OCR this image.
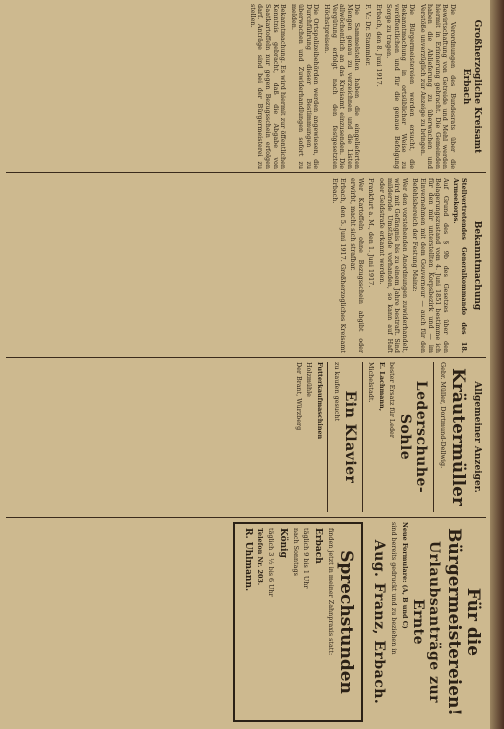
Großherzogliche Kreisamt Erbach

Die Verordnungen des Bundesrats über die Bewirtschaftung von Getreide und Mehl werden hiermit in Erinnerung gebracht. Die Gemeinden haben die Ablieferung zu überwachen und Verstöße unverzüglich zur Anzeige zu bringen.

Die Bürgermeistereien werden ersucht, die Bekanntmachung in ortsüblicher Weise zu veröffentlichen und für die genaue Befolgung Sorge zu tragen.

Erbach, den 8. Juni 1917.

F. V.: Dr. Stammler.

Die Sammelstellen haben die eingelieferten Mengen genau zu verzeichnen und die Listen allwöchentlich an das Kreisamt einzusenden. Die Vergütung erfolgt nach den festgesetzten Höchstpreisen.

Die Ortspolizeibehörden werden angewiesen, die Durchführung dieser Bestimmungen zu überwachen und Zuwiderhandlungen sofort zu melden.

Bekanntmachung. Es wird hiermit zur öffentlichen Kenntnis gebracht, daß die Abgabe von Saatkartoffeln nur gegen Bezugsschein erfolgen darf. Anträge sind bei der Bürgermeisterei zu stellen.

Bekanntmachung

Stellvertretendes Generalkommando des 18. Armeekorps.

Auf Grund des § 9b des Gesetzes über den Belagerungszustand vom 4. Juni 1851 bestimme ich für den mir unterstellten Korpsbezirk und — im Einvernehmen mit dem Gouverneur — auch für den Befehlsbereich der Festung Mainz:

Wer den vorstehenden Anordnungen zuwiderhandelt, wird mit Gefängnis bis zu einem Jahre bestraft. Sind mildernde Umstände vorhanden, so kann auf Haft oder Geldstrafe erkannt werden.

Frankfurt a. M., den 1. Juni 1917.

Wer Kartoffeln ohne Bezugsschein abgibt oder erwirbt, macht sich strafbar.

Erbach, den 5. Juni 1917. Großherzogliches Kreisamt Erbach.

Allgemeiner Anzeiger.
Kräutermüller

Gebr. Müller, Dortmund-Dellwig.

Lederschuhe-Sohle

bester Ersatz für Leder

E. Lachmann,

Michelstadt.

Ein Klavier

zu kaufen gesucht

Futterkaufmaschinen

Holzmühle

Der Brant, Würzberg

Für die Bürgermeistereien!
Urlaubsanträge zur Ernte

Neue Formulare: (A, B und C)

sind bereits gedruckt und zu beziehen in

Aug. Franz, Erbach.
Sprechstunden

finden jetzt in meiner Zahnpraxis statt:

Erbach

täglich 9 bis 1 Uhr

nach Sonntags

König

täglich 3 ½ bis 6 Uhr

Telefon Nr. 203.

R. Uhlmann.
